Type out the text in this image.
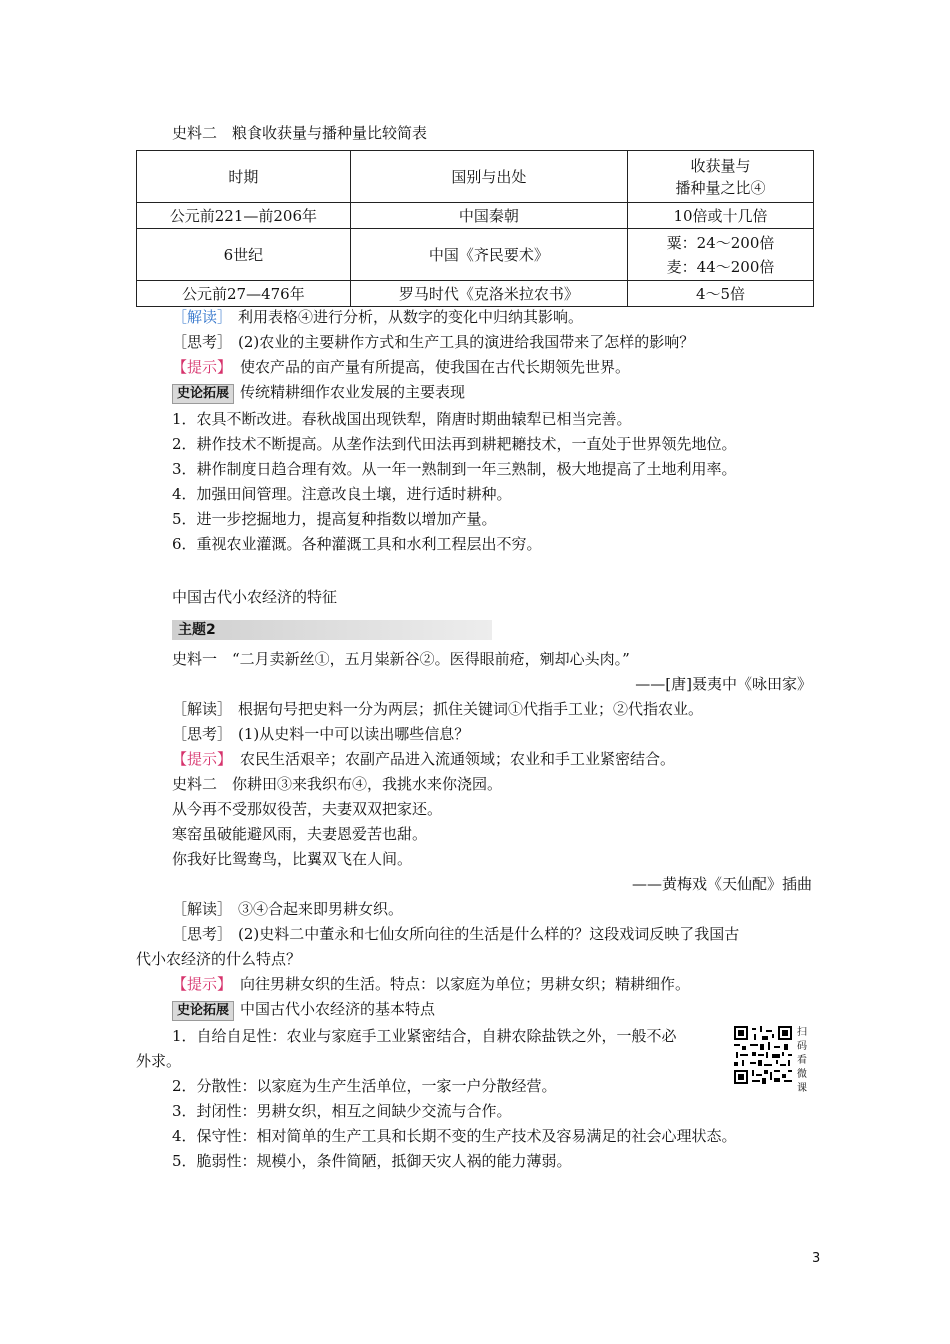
史料二　粮食收获量与播种量比较简表
时期	国别与出处	收获量与
播种量之比④

公元前221—前206年	中国秦朝	10倍或十几倍
6世纪	中国《齐民要术》	粟：24～200倍
麦：44～200倍

公元前27—476年	罗马时代《克洛米拉农书》	4～5倍
［解读］ 利用表格④进行分析，从数字的变化中归纳其影响。
［思考］ (2)农业的主要耕作方式和生产工具的演进给我国带来了怎样的影响？
【提示】 使农产品的亩产量有所提高，使我国在古代长期领先世界。
史论拓展 传统精耕细作农业发展的主要表现
1．农具不断改进。春秋战国出现铁犁，隋唐时期曲辕犁已相当完善。
2．耕作技术不断提高。从垄作法到代田法再到耕耙耱技术，一直处于世界领先地位。
3．耕作制度日趋合理有效。从一年一熟制到一年三熟制，极大地提高了土地利用率。
4．加强田间管理。注意改良土壤，进行适时耕种。
5．进一步挖掘地力，提高复种指数以增加产量。
6．重视农业灌溉。各种灌溉工具和水利工程层出不穷。
中国古代小农经济的特征
主题2
史料一　“二月卖新丝①，五月粜新谷②。医得眼前疮，剜却心头肉。”
——[唐]聂夷中《咏田家》
［解读］ 根据句号把史料一分为两层；抓住关键词①代指手工业；②代指农业。
［思考］ (1)从史料一中可以读出哪些信息？
【提示】 农民生活艰辛；农副产品进入流通领域；农业和手工业紧密结合。
史料二　你耕田③来我织布④，我挑水来你浇园。
从今再不受那奴役苦，夫妻双双把家还。
寒窑虽破能避风雨，夫妻恩爱苦也甜。
你我好比鸳鸯鸟，比翼双飞在人间。
——黄梅戏《天仙配》插曲
［解读］ ③④合起来即男耕女织。
［思考］ (2)史料二中董永和七仙女所向往的生活是什么样的？这段戏词反映了我国古
代小农经济的什么特点？
【提示】 向往男耕女织的生活。特点：以家庭为单位；男耕女织；精耕细作。
史论拓展 中国古代小农经济的基本特点
1．自给自足性：农业与家庭手工业紧密结合，自耕农除盐铁之外，一般不必
外求。
2．分散性：以家庭为生产生活单位，一家一户分散经营。
3．封闭性：男耕女织，相互之间缺少交流与合作。
4．保守性：相对简单的生产工具和长期不变的生产技术及容易满足的社会心理状态。
5．脆弱性：规模小，条件简陋，抵御天灾人祸的能力薄弱。
扫码看微课
3
